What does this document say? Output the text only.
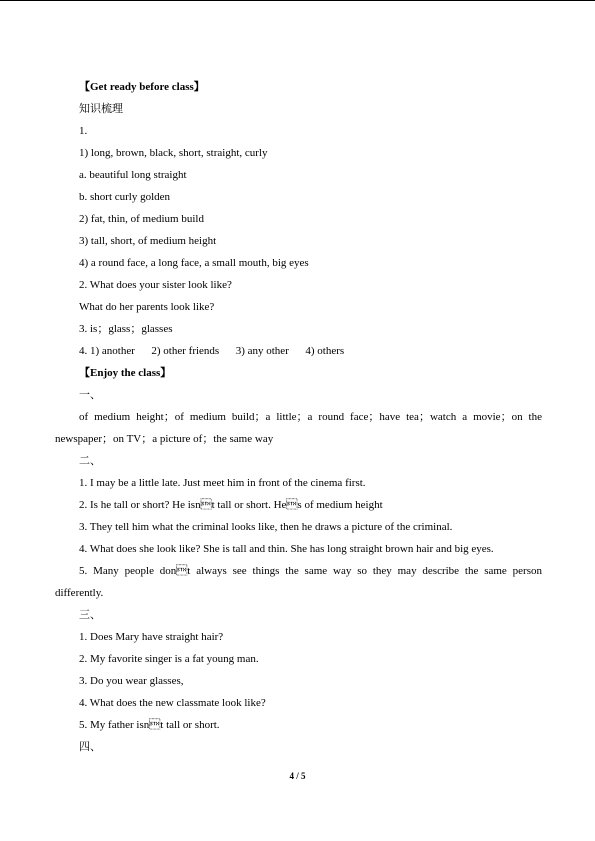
【Get ready before class】
知识梳理
1.
1) long, brown, black, short, straight, curly
a. beautiful long straight
b. short curly golden
2) fat, thin, of medium build
3) tall, short, of medium height
4) a round face, a long face, a small mouth, big eyes
2. What does your sister look like?
What do her parents look like?
3. is；glass；glasses
4. 1) another      2) other friends      3) any other      4) others
【Enjoy the class】
一、
of medium height；of medium build；a little；a round face；have tea；watch a movie；on the newspaper；on TV；a picture of；the same way
二、
1. I may be a little late. Just meet him in front of the cinema first.
2. Is he tall or short? He isnt tall or short. Hes of medium height
3. They tell him what the criminal looks like, then he draws a picture of the criminal.
4. What does she look like? She is tall and thin. She has long straight brown hair and big eyes.
5. Many people dont always see things the same way so they may describe the same person differently.
三、
1. Does Mary have straight hair?
2. My favorite singer is a fat young man.
3. Do you wear glasses,
4. What does the new classmate look like?
5. My father isnt tall or short.
四、
4 / 5
